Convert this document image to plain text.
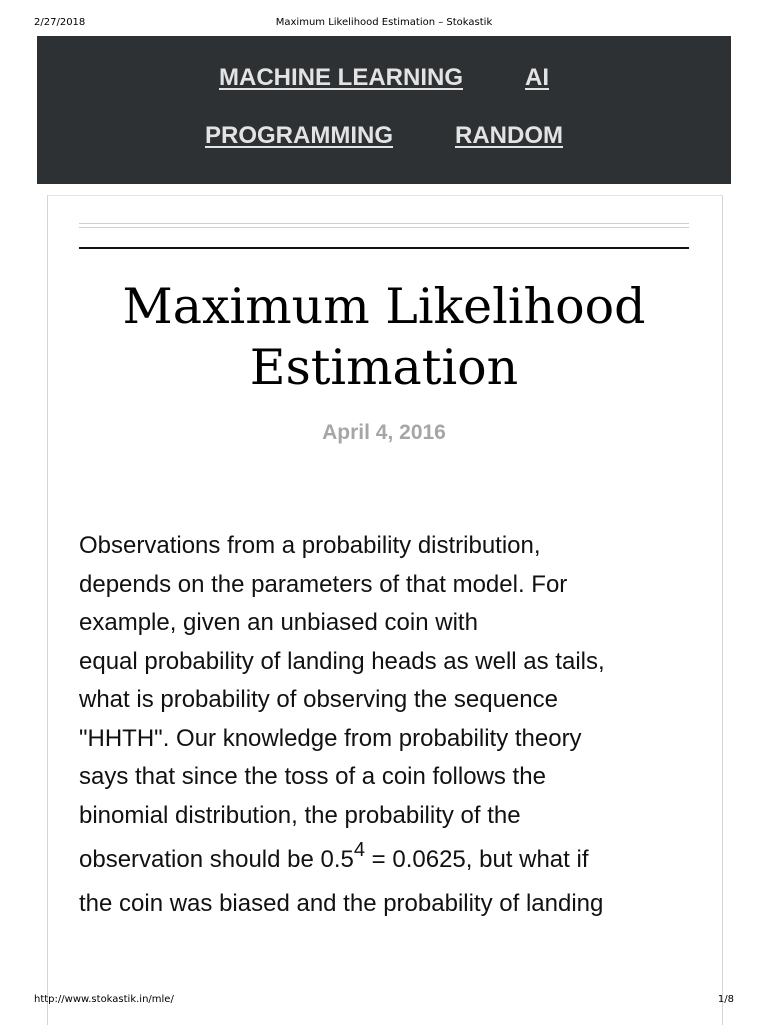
2/27/2018	Maximum Likelihood Estimation – Stokastik
MACHINE LEARNING	AI
PROGRAMMING	RANDOM
Maximum Likelihood
Estimation
April 4, 2016

Observations from a probability distribution,
depends on the parameters of that model. For
example, given an unbiased coin with
equal probability of landing heads as well as tails,
what is probability of observing the sequence
"HHTH". Our knowledge from probability theory
says that since the toss of a coin follows the
binomial distribution, the probability of the
observation should be $0.5^4 = 0.0625$, but what if
the coin was biased and the probability of landing

http://www.stokastik.in/mle/	1/8
